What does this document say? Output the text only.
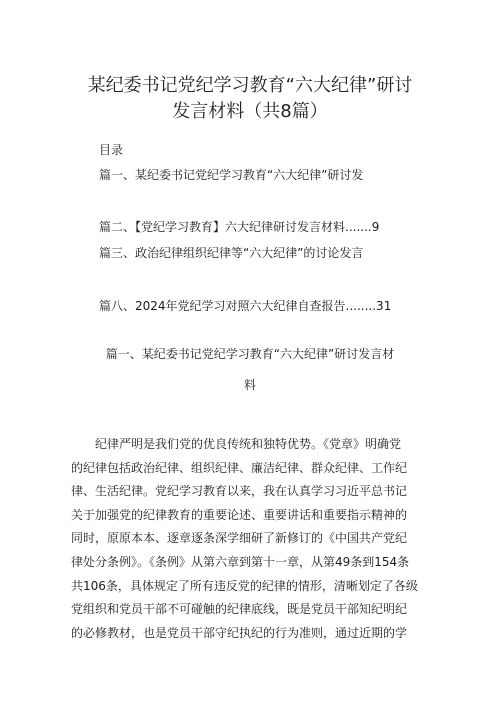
某纪委书记党纪学习教育“六大纪律”研讨
发言材料（共8篇）
目录
篇一、某纪委书记党纪学习教育“六大纪律”研讨发
篇二、【党纪学习教育】六大纪律研讨发言材料.......9
篇三、政治纪律组织纪律等“六大纪律”的讨论发言
篇八、2024年党纪学习对照六大纪律自查报告........31
篇一、某纪委书记党纪学习教育“六大纪律”研讨发言材
料
纪律严明是我们党的优良传统和独特优势。《党章》明确党
的纪律包括政治纪律、组织纪律、廉洁纪律、群众纪律、工作纪
律、生活纪律。党纪学习教育以来，我在认真学习习近平总书记
关于加强党的纪律教育的重要论述、重要讲话和重要指示精神的
同时，原原本本、逐章逐条深学细研了新修订的《中国共产党纪
律处分条例》。《条例》从第六章到第十一章，从第49条到154条
共106条，具体规定了所有违反党的纪律的情形，清晰划定了各级
党组织和党员干部不可碰触的纪律底线，既是党员干部知纪明纪
的必修教材，也是党员干部守纪执纪的行为准则，通过近期的学
